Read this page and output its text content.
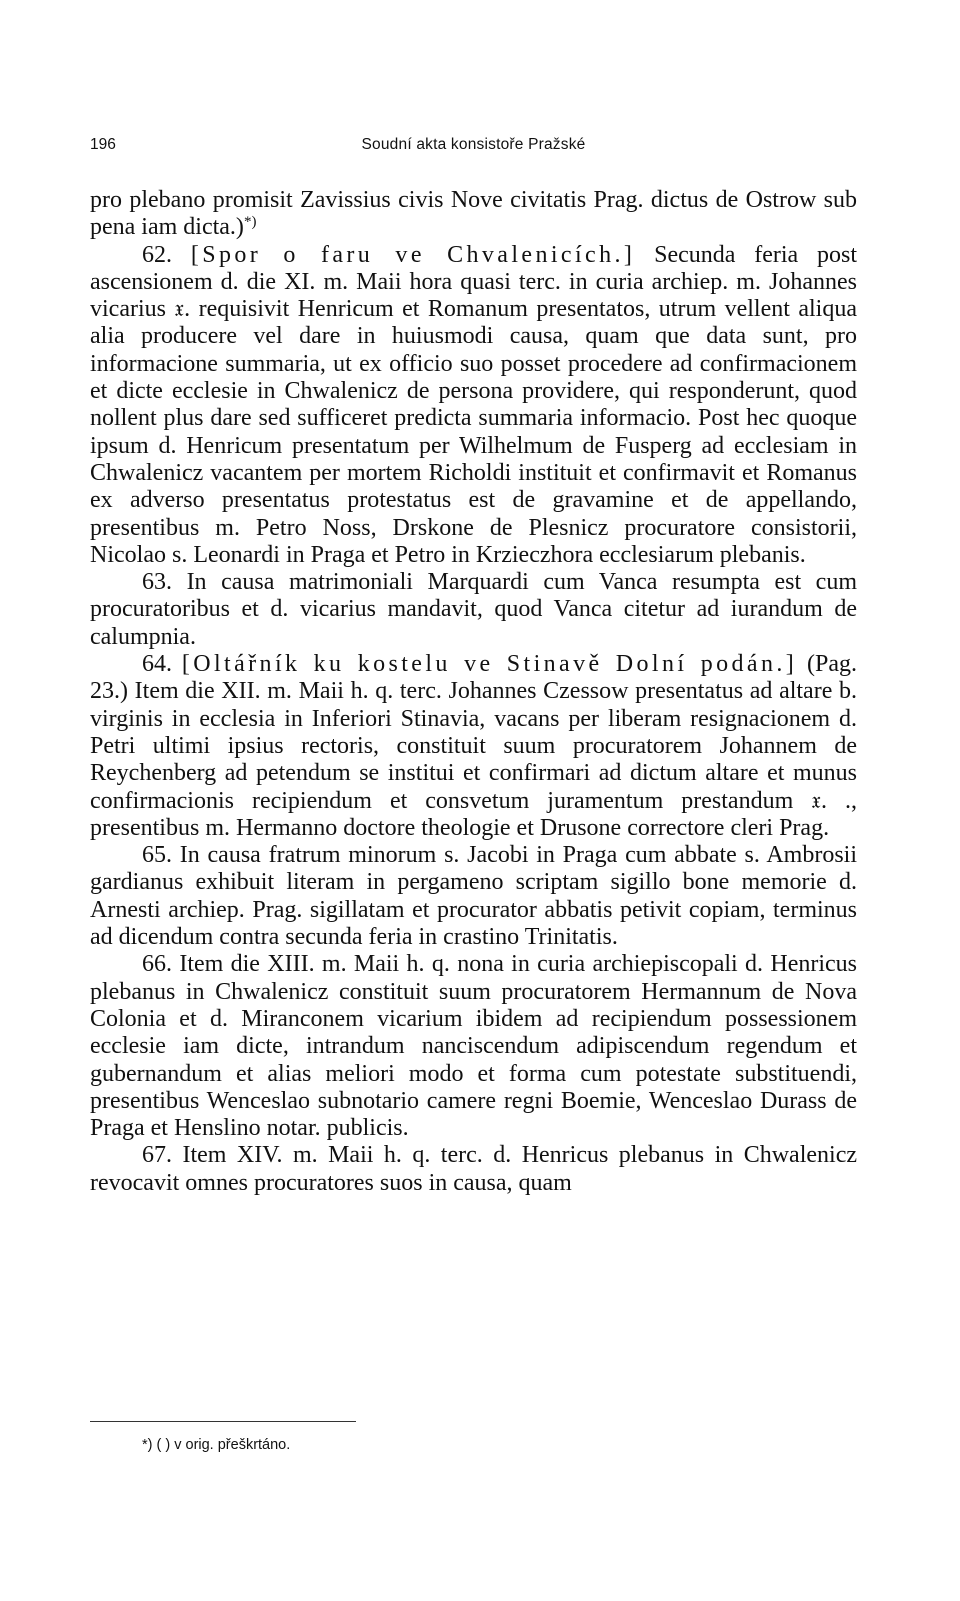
196	Soudní akta konsistoře Pražské

pro plebano promisit Zavissius civis Nove civitatis Prag. dictus de Ostrow sub pena iam dicta.)*)

62. [Spor o faru ve Chvalenicích.] Secunda feria post ascensionem d. die XI. m. Maii hora quasi terc. in curia archiep. m. Johannes vicarius 𝔵. requisivit Henricum et Romanum presentatos, utrum vellent aliqua alia producere vel dare in huiusmodi causa, quam que data sunt, pro informacione summaria, ut ex officio suo posset procedere ad confirmacionem et dicte ecclesie in Chwalenicz de persona providere, qui responderunt, quod nollent plus dare sed sufficeret predicta summaria informacio. Post hec quoque ipsum d. Henricum presentatum per Wilhelmum de Fusperg ad ecclesiam in Chwalenicz vacantem per mortem Richoldi instituit et confirmavit et Romanus ex adverso presentatus protestatus est de gravamine et de appellando, presentibus m. Petro Noss, Drskone de Plesnicz procuratore consistorii, Nicolao s. Leonardi in Praga et Petro in Krzieczhora ecclesiarum plebanis.

63. In causa matrimoniali Marquardi cum Vanca resumpta est cum procuratoribus et d. vicarius mandavit, quod Vanca citetur ad iurandum de calumpnia.

64. [Oltářník ku kostelu ve Stinavě Dolní podán.] (Pag. 23.) Item die XII. m. Maii h. q. terc. Johannes Czessow presentatus ad altare b. virginis in ecclesia in Inferiori Stinavia, vacans per liberam resignacionem d. Petri ultimi ipsius rectoris, constituit suum procuratorem Johannem de Reychenberg ad petendum se institui et confirmari ad dictum altare et munus confirmacionis recipiendum et consvetum juramentum prestandum 𝔵. ., presentibus m. Hermanno doctore theologie et Drusone correctore cleri Prag.

65. In causa fratrum minorum s. Jacobi in Praga cum abbate s. Ambrosii gardianus exhibuit literam in pergameno scriptam sigillo bone memorie d. Arnesti archiep. Prag. sigillatam et procurator abbatis petivit copiam, terminus ad dicendum contra secunda feria in crastino Trinitatis.

66. Item die XIII. m. Maii h. q. nona in curia archiepiscopali d. Henricus plebanus in Chwalenicz constituit suum procuratorem Hermannum de Nova Colonia et d. Miranconem vicarium ibidem ad recipiendum possessionem ecclesie iam dicte, intrandum nanciscendum adipiscendum regendum et gubernandum et alias meliori modo et forma cum potestate substituendi, presentibus Wenceslao subnotario camere regni Boemie, Wenceslao Durass de Praga et Henslino notar. publicis.

67. Item XIV. m. Maii h. q. terc. d. Henricus plebanus in Chwalenicz revocavit omnes procuratores suos in causa, quam

*) ( ) v orig. přeškrtáno.
